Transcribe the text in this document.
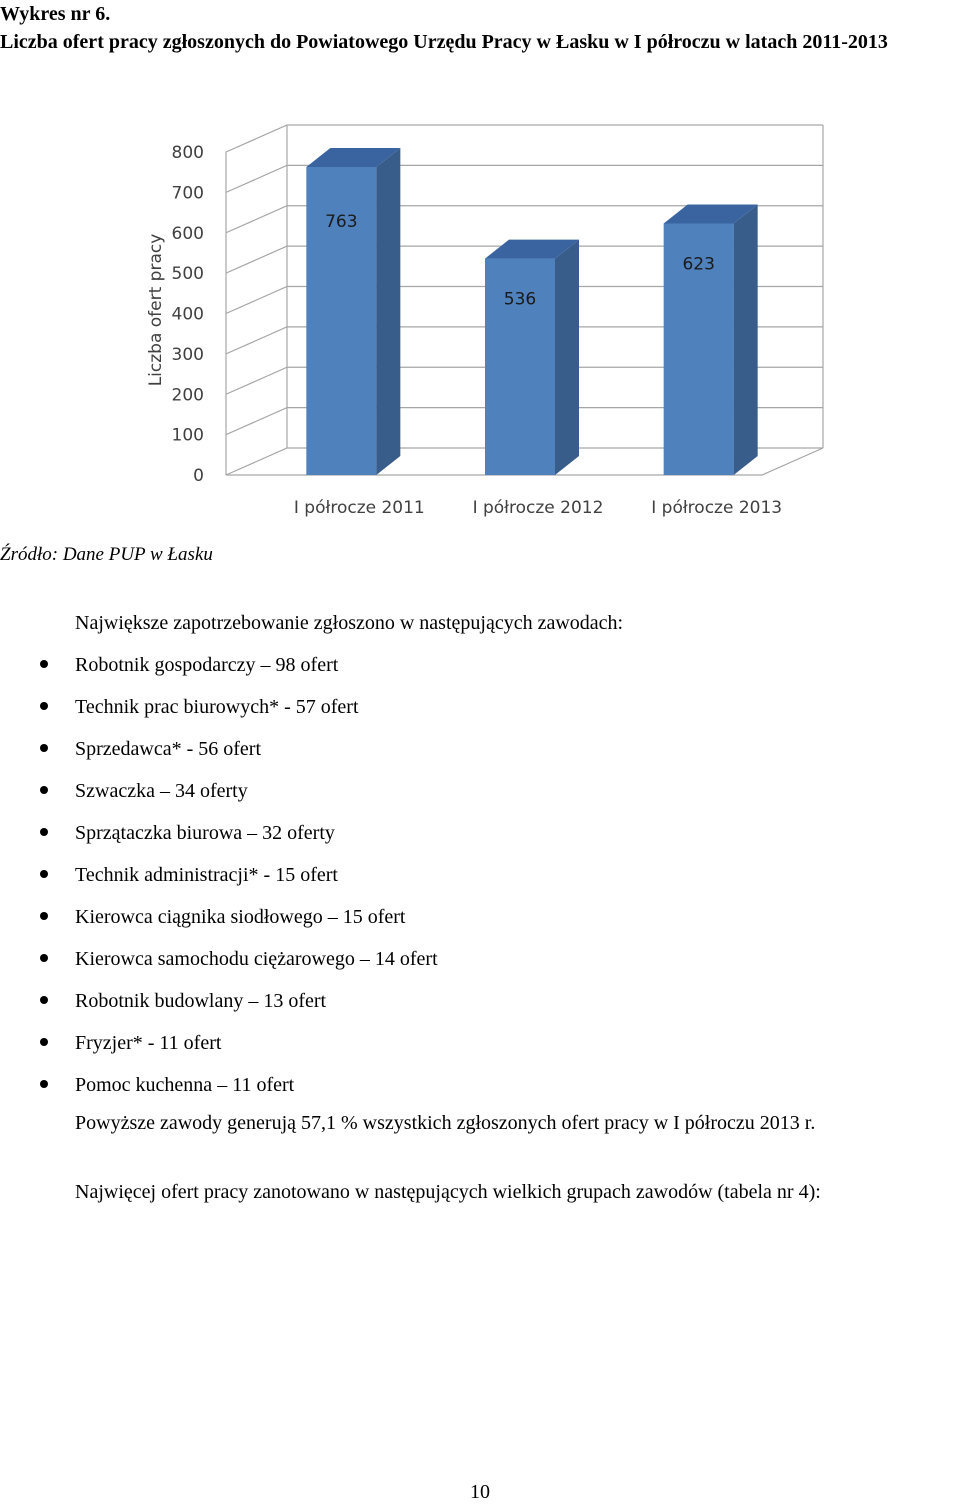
Wykres nr 6.
Liczba ofert pracy zgłoszonych do Powiatowego Urzędu Pracy w Łasku w I półroczu w latach 2011-2013
0
100
200
300
400
500
600
700
800
763
536
623
I półrocze 2011	I półrocze 2012	I półrocze 2013
Liczba ofert pracy
Źródło: Dane PUP w Łasku
Największe zapotrzebowanie zgłoszono w następujących zawodach:
Robotnik gospodarczy – 98 ofert
Technik prac biurowych* - 57 ofert
Sprzedawca* - 56 ofert
Szwaczka – 34 oferty
Sprzątaczka biurowa – 32 oferty
Technik administracji* - 15 ofert
Kierowca ciągnika siodłowego – 15 ofert
Kierowca samochodu ciężarowego – 14 ofert
Robotnik budowlany – 13 ofert
Fryzjer* - 11 ofert
Pomoc kuchenna – 11 ofert
Powyższe zawody generują 57,1 % wszystkich zgłoszonych ofert pracy w I półroczu 2013 r.
Najwięcej ofert pracy zanotowano w następujących wielkich grupach zawodów (tabela nr 4):
10
